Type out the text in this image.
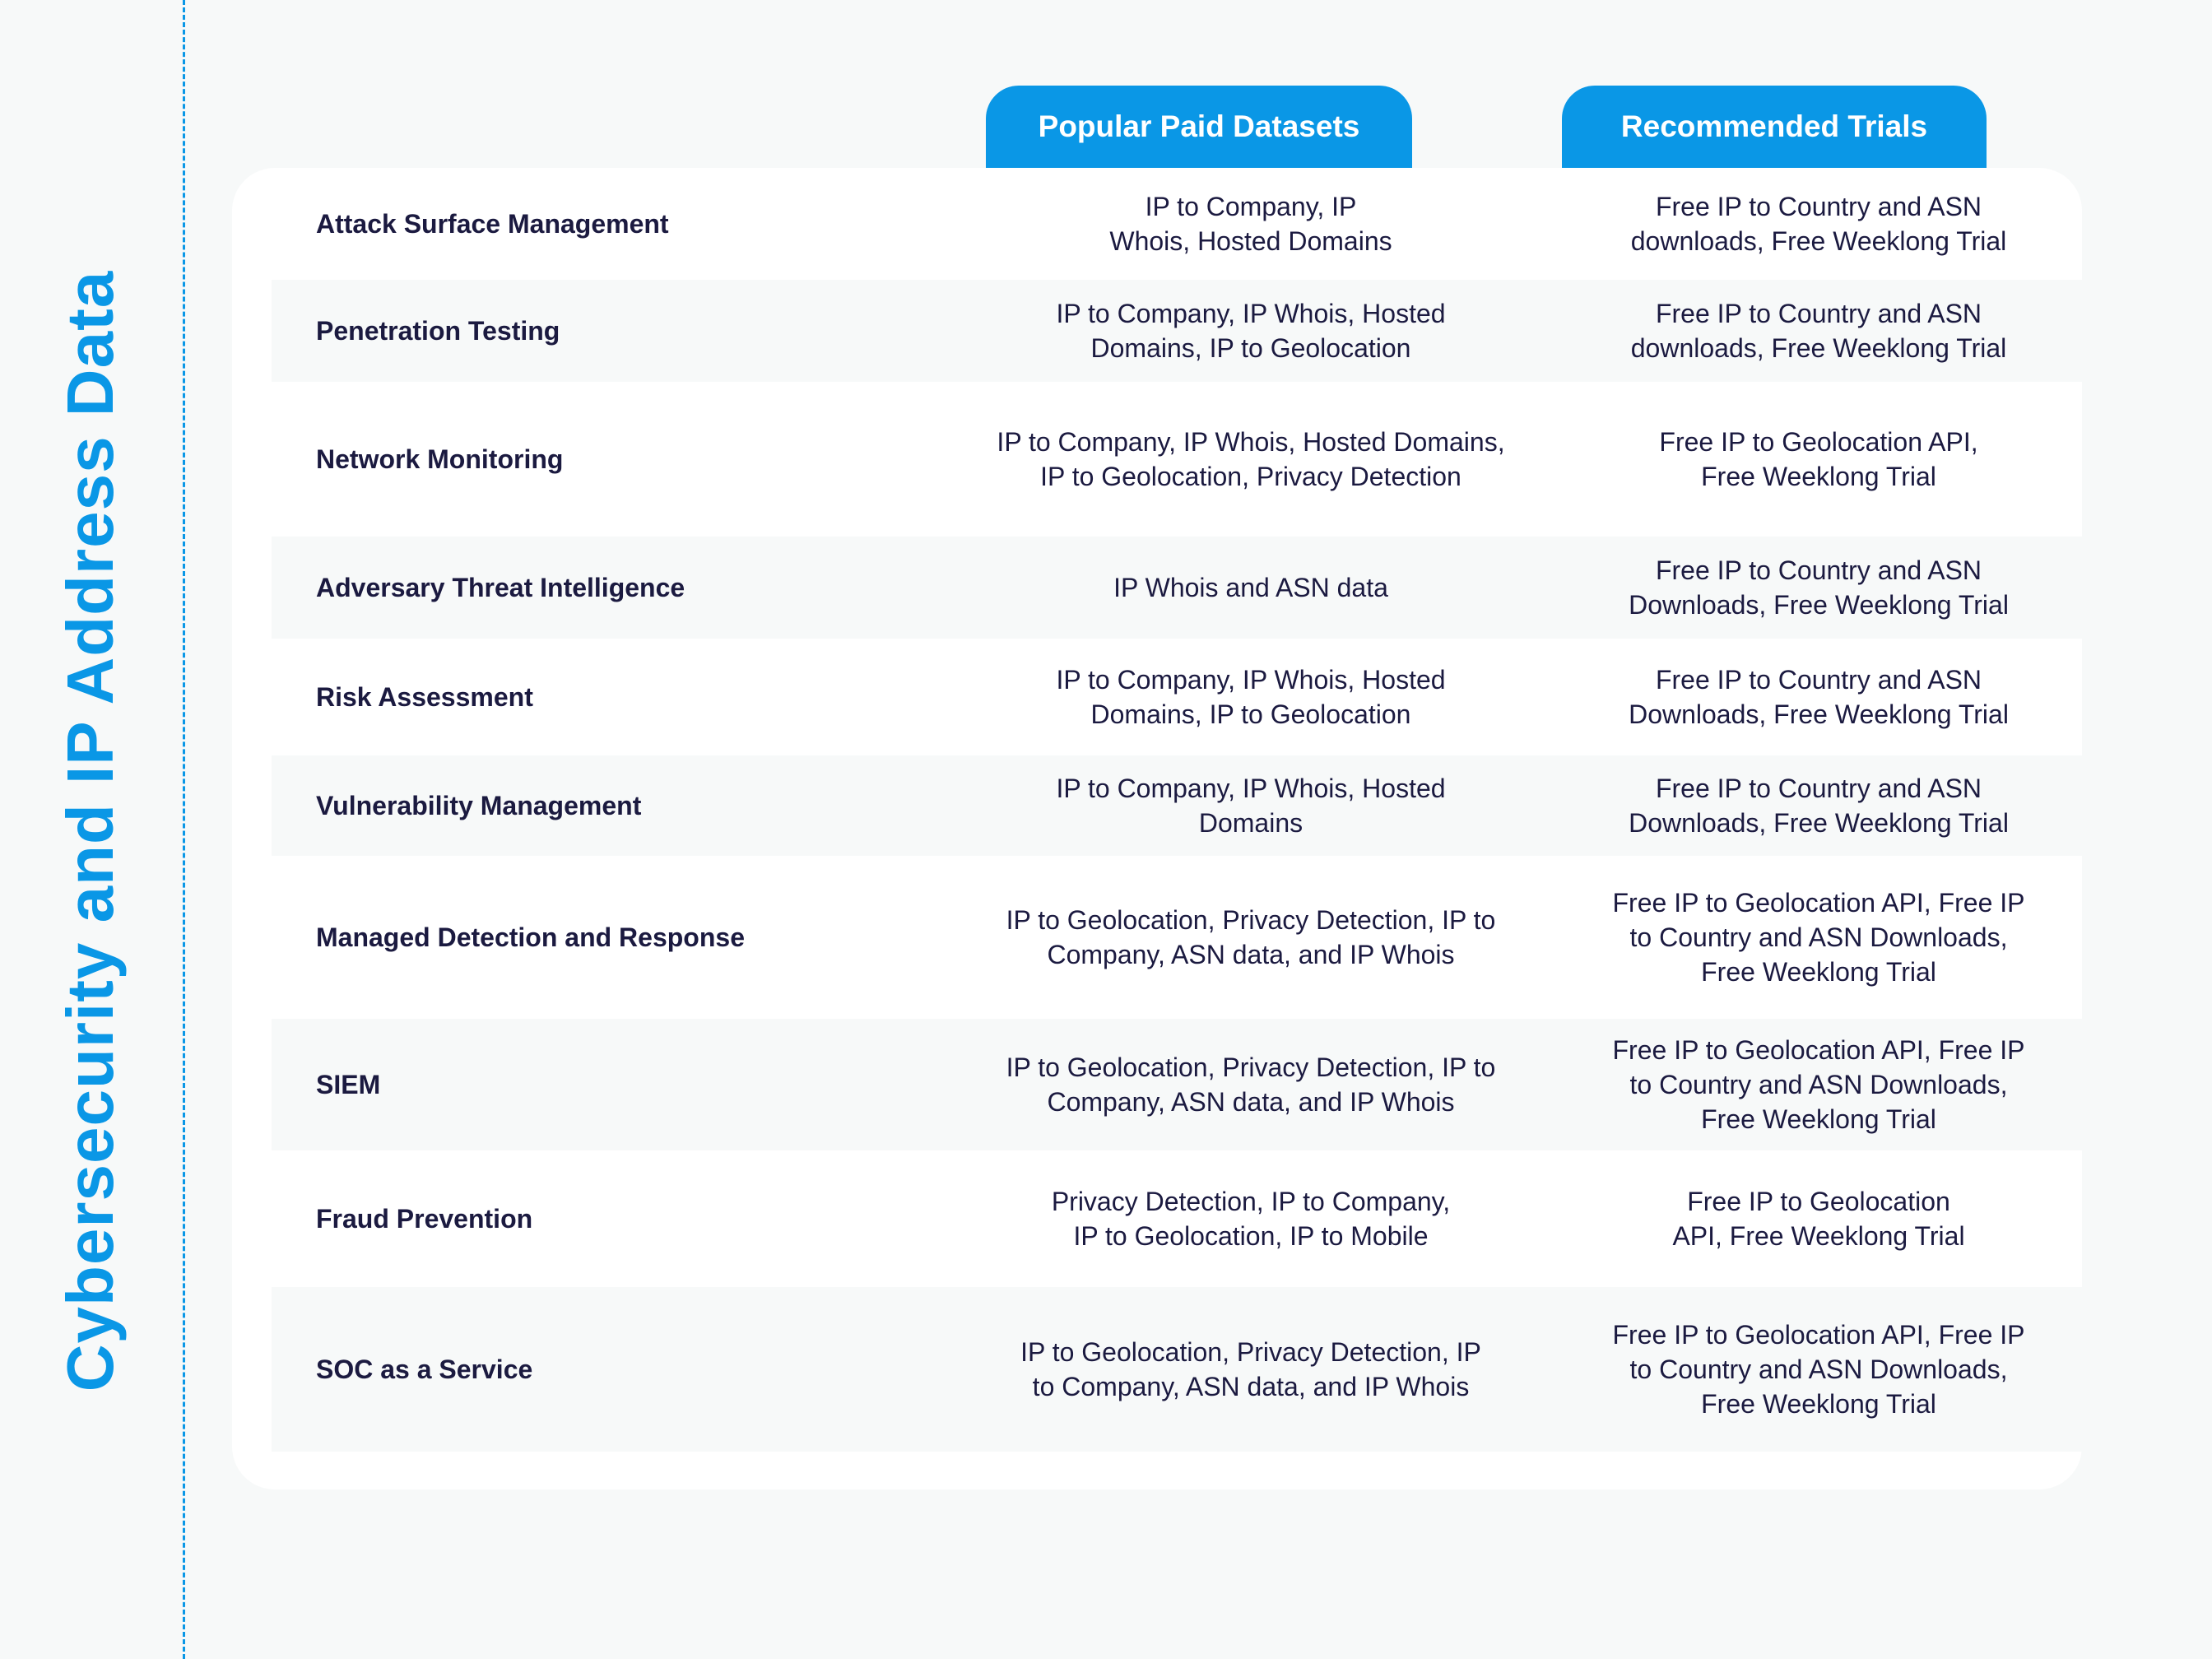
Cybersecurity and IP Address Data
Popular Paid Datasets	Recommended Trials
Attack Surface Management
IP to Company, IP
Whois, Hosted Domains
Free IP to Country and ASN
downloads, Free Weeklong Trial
Penetration Testing
IP to Company, IP Whois, Hosted
Domains, IP to Geolocation
Free IP to Country and ASN
downloads, Free Weeklong Trial
Network Monitoring
IP to Company, IP Whois, Hosted Domains,
IP to Geolocation, Privacy Detection
Free IP to Geolocation API,
Free Weeklong Trial
Adversary Threat Intelligence	IP Whois and ASN data
Free IP to Country and ASN
Downloads, Free Weeklong Trial
Risk Assessment
IP to Company, IP Whois, Hosted
Domains, IP to Geolocation
Free IP to Country and ASN
Downloads, Free Weeklong Trial
Vulnerability Management
IP to Company, IP Whois, Hosted
Domains
Free IP to Country and ASN
Downloads, Free Weeklong Trial
Managed Detection and Response
IP to Geolocation, Privacy Detection, IP to
Company, ASN data, and IP Whois
Free IP to Geolocation API, Free IP
to Country and ASN Downloads,
Free Weeklong Trial
SIEM
IP to Geolocation, Privacy Detection, IP to
Company, ASN data, and IP Whois
Free IP to Geolocation API, Free IP
to Country and ASN Downloads,
Free Weeklong Trial
Fraud Prevention
Privacy Detection, IP to Company,
IP to Geolocation, IP to Mobile
Free IP to Geolocation
API, Free Weeklong Trial
SOC as a Service
IP to Geolocation, Privacy Detection, IP
to Company, ASN data, and IP Whois
Free IP to Geolocation API, Free IP
to Country and ASN Downloads,
Free Weeklong Trial
